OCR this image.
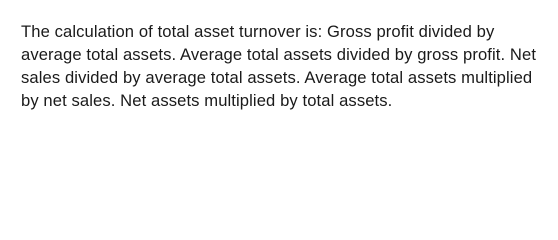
The calculation of total asset turnover is: Gross profit divided by average total assets. Average total assets divided by gross profit. Net sales divided by average total assets. Average total assets multiplied by net sales. Net assets multiplied by total assets.
